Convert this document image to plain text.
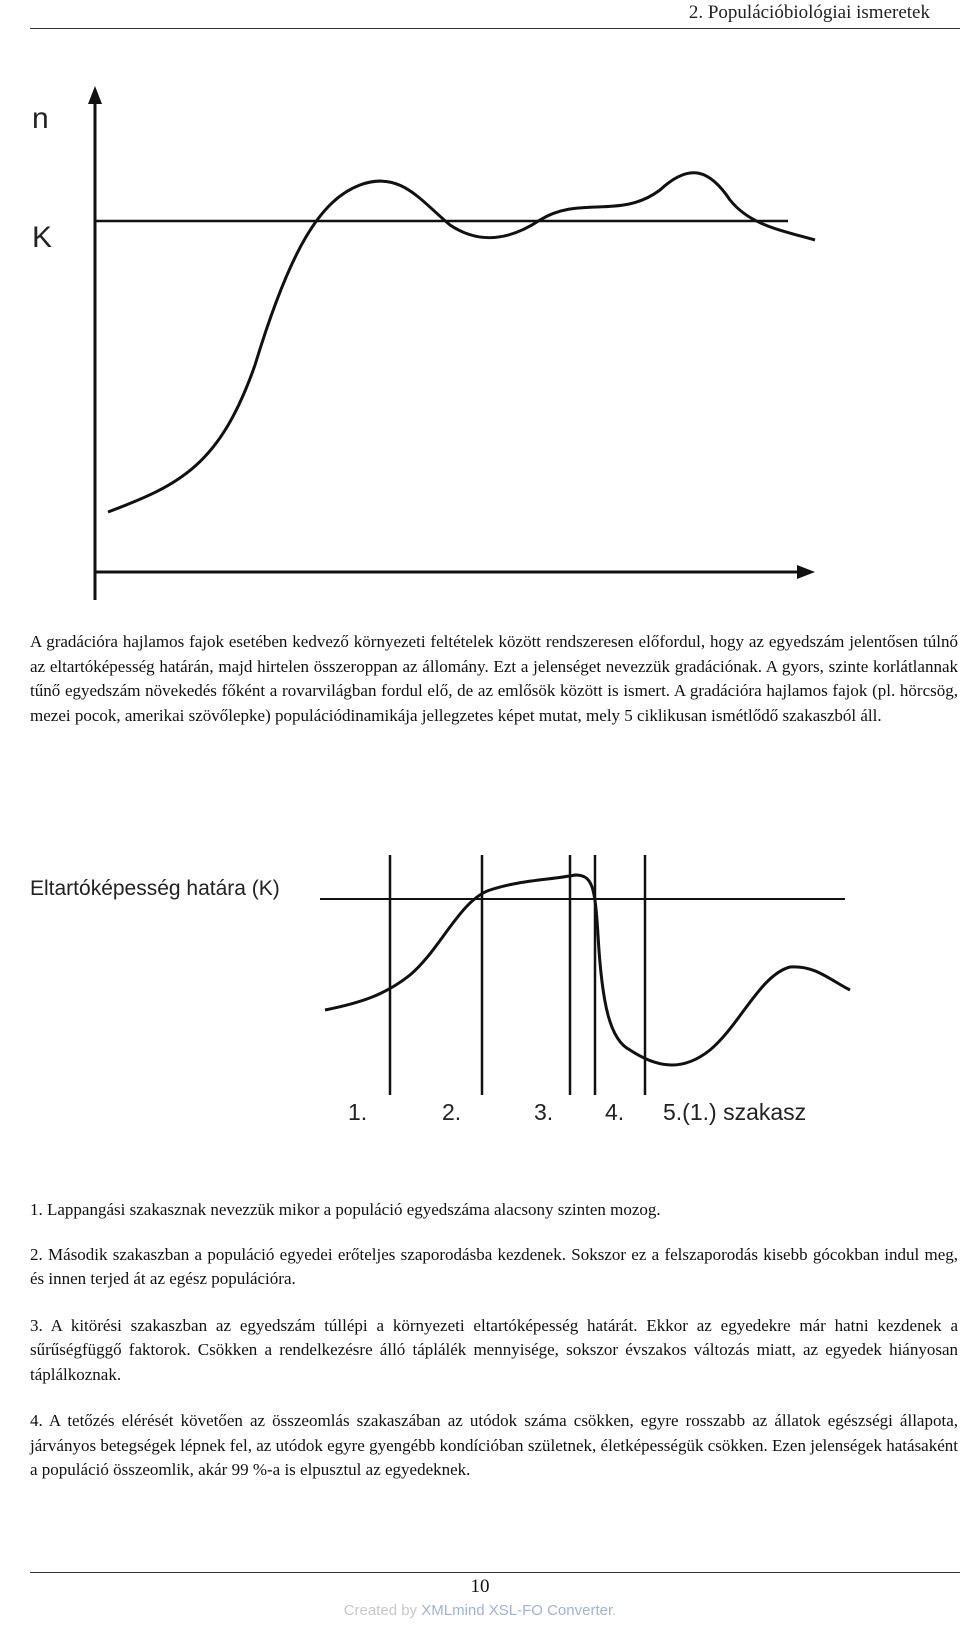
2. Populációbiológiai ismeretek
n
K

A gradációra hajlamos fajok esetében kedvező környezeti feltételek között rendszeresen előfordul, hogy az egyedszám jelentősen túlnő az eltartóképesség határán, majd hirtelen összeroppan az állomány. Ezt a jelenséget nevezzük gradációnak. A gyors, szinte korlátlannak tűnő egyedszám növekedés főként a rovarvilágban fordul elő, de az emlősök között is ismert. A gradációra hajlamos fajok (pl. hörcsög, mezei pocok, amerikai szövőlepke) populációdinamikája jellegzetes képet mutat, mely 5 ciklikusan ismétlődő szakaszból áll.

Eltartóképesség határa (K)
1.	2.	3. 4. 5.(1.) szakasz
1. Lappangási szakasznak nevezzük mikor a populáció egyedszáma alacsony szinten mozog.
2. Második szakaszban a populáció egyedei erőteljes szaporodásba kezdenek. Sokszor ez a felszaporodás kisebb gócokban indul meg, és innen terjed át az egész populációra.
3. A kitörési szakaszban az egyedszám túllépi a környezeti eltartóképesség határát. Ekkor az egyedekre már hatni kezdenek a sűrűségfüggő faktorok. Csökken a rendelkezésre álló táplálék mennyisége, sokszor évszakos változás miatt, az egyedek hiányosan táplálkoznak.
4. A tetőzés elérését követően az összeomlás szakaszában az utódok száma csökken, egyre rosszabb az állatok egészségi állapota, járványos betegségek lépnek fel, az utódok egyre gyengébb kondícióban születnek, életképességük csökken. Ezen jelenségek hatásaként a populáció összeomlik, akár 99 %-a is elpusztul az egyedeknek.
10
Created by XMLmind XSL-FO Converter.
